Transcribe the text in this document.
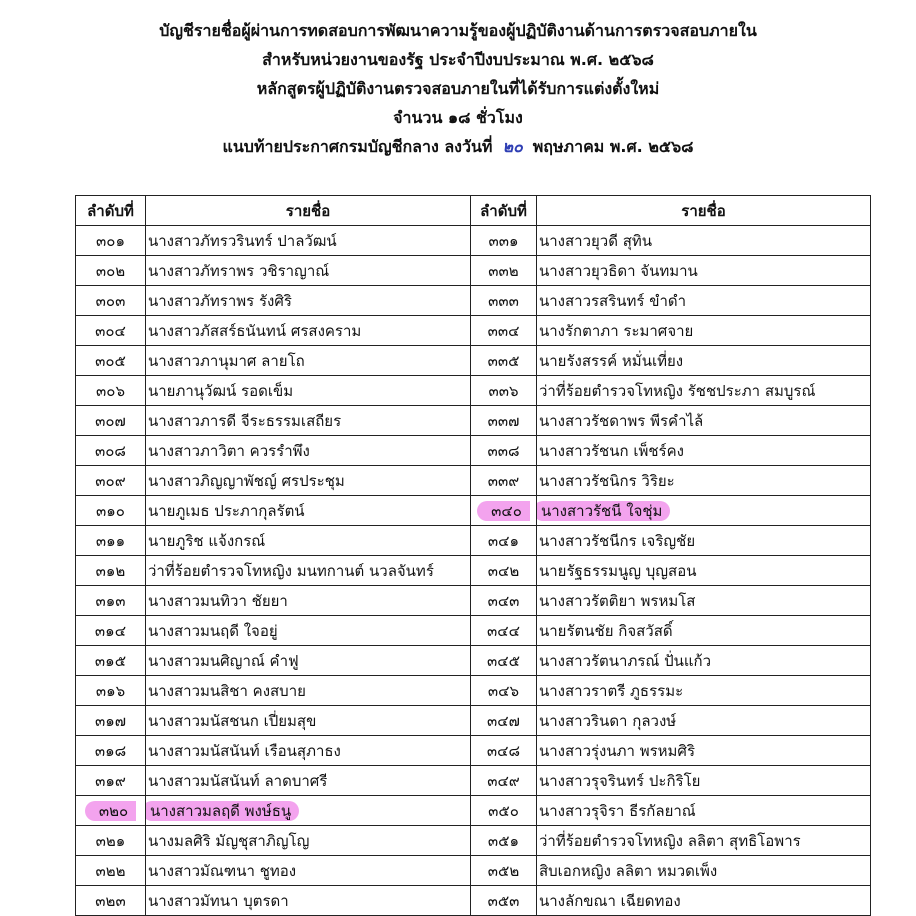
บัญชีรายชื่อผู้ผ่านการทดสอบการพัฒนาความรู้ของผู้ปฏิบัติงานด้านการตรวจสอบภายใน
สำหรับหน่วยงานของรัฐ ประจำปีงบประมาณ พ.ศ. ๒๕๖๘
หลักสูตรผู้ปฏิบัติงานตรวจสอบภายในที่ได้รับการแต่งตั้งใหม่
จำนวน ๑๘ ชั่วโมง
แนบท้ายประกาศกรมบัญชีกลาง ลงวันที่ ๒๐ พฤษภาคม พ.ศ. ๒๕๖๘
ลำดับที่	รายชื่อ	ลำดับที่	รายชื่อ
๓๐๑	นางสาวภัทรวรินทร์ ปาลวัฒน์	๓๓๑	นางสาวยุวดี สุทิน
๓๐๒	นางสาวภัทราพร วชิราญาณ์	๓๓๒	นางสาวยุวธิดา จันทมาน
๓๐๓	นางสาวภัทราพร รังศิริ	๓๓๓	นางสาวรสรินทร์ ขำดำ
๓๐๔	นางสาวภัสสร์ธนันทน์ ศรสงคราม	๓๓๔	นางรักตาภา ระมาศจาย
๓๐๕	นางสาวภานุมาศ ลายโถ	๓๓๕	นายรังสรรค์ หมั่นเที่ยง
๓๐๖	นายภานุวัฒน์ รอดเข็ม	๓๓๖	ว่าที่ร้อยตำรวจโทหญิง รัชชประภา สมบูรณ์
๓๐๗	นางสาวภารดี จีระธรรมเสถียร	๓๓๗	นางสาวรัชดาพร พีรคำไล้
๓๐๘	นางสาวภาวิตา ควรรำพึง	๓๓๘	นางสาวรัชนก เพ็ชร์คง
๓๐๙	นางสาวภิญญาพัชญ์ ศรประชุม	๓๓๙	นางสาวรัชนิกร วิริยะ
๓๑๐	นายภูเมธ ประภากุลรัตน์	๓๔๐	นางสาวรัชนี ใจชุ่ม
๓๑๑	นายภูริช แจ้งกรณ์	๓๔๑	นางสาวรัชนีกร เจริญชัย
๓๑๒	ว่าที่ร้อยตำรวจโทหญิง มนทกานต์ นวลจันทร์	๓๔๒	นายรัฐธรรมนูญ บุญสอน
๓๑๓	นางสาวมนทิวา ชัยยา	๓๔๓	นางสาวรัตติยา พรหมโส
๓๑๔	นางสาวมนฤดี ใจอยู่	๓๔๔	นายรัตนชัย กิจสวัสดิ์
๓๑๕	นางสาวมนศิญาณ์ คำฟู	๓๔๕	นางสาวรัตนาภรณ์ ปั่นแก้ว
๓๑๖	นางสาวมนสิชา คงสบาย	๓๔๖	นางสาวราตรี ภูธรรมะ
๓๑๗	นางสาวมนัสชนก เปี่ยมสุข	๓๔๗	นางสาวรินดา กุลวงษ์
๓๑๘	นางสาวมนัสนันท์ เรือนสุภาธง	๓๔๘	นางสาวรุ่งนภา พรหมศิริ
๓๑๙	นางสาวมนัสนันท์ ลาดบาศรี	๓๔๙	นางสาวรุจรินทร์ ปะกิริโย
๓๒๐	นางสาวมลฤดี พงษ์ธนู	๓๕๐	นางสาวรุจิรา ธีรกัลยาณ์
๓๒๑	นางมลศิริ มัญชุสาภิญโญ	๓๕๑	ว่าที่ร้อยตำรวจโทหญิง ลลิตา สุทธิโอพาร
๓๒๒	นางสาวมัณฑนา ชูทอง	๓๕๒	สิบเอกหญิง ลลิตา หมวดเพ็ง
๓๒๓	นางสาวมัทนา บุตรดา	๓๕๓	นางลักขณา เฉียดทอง
